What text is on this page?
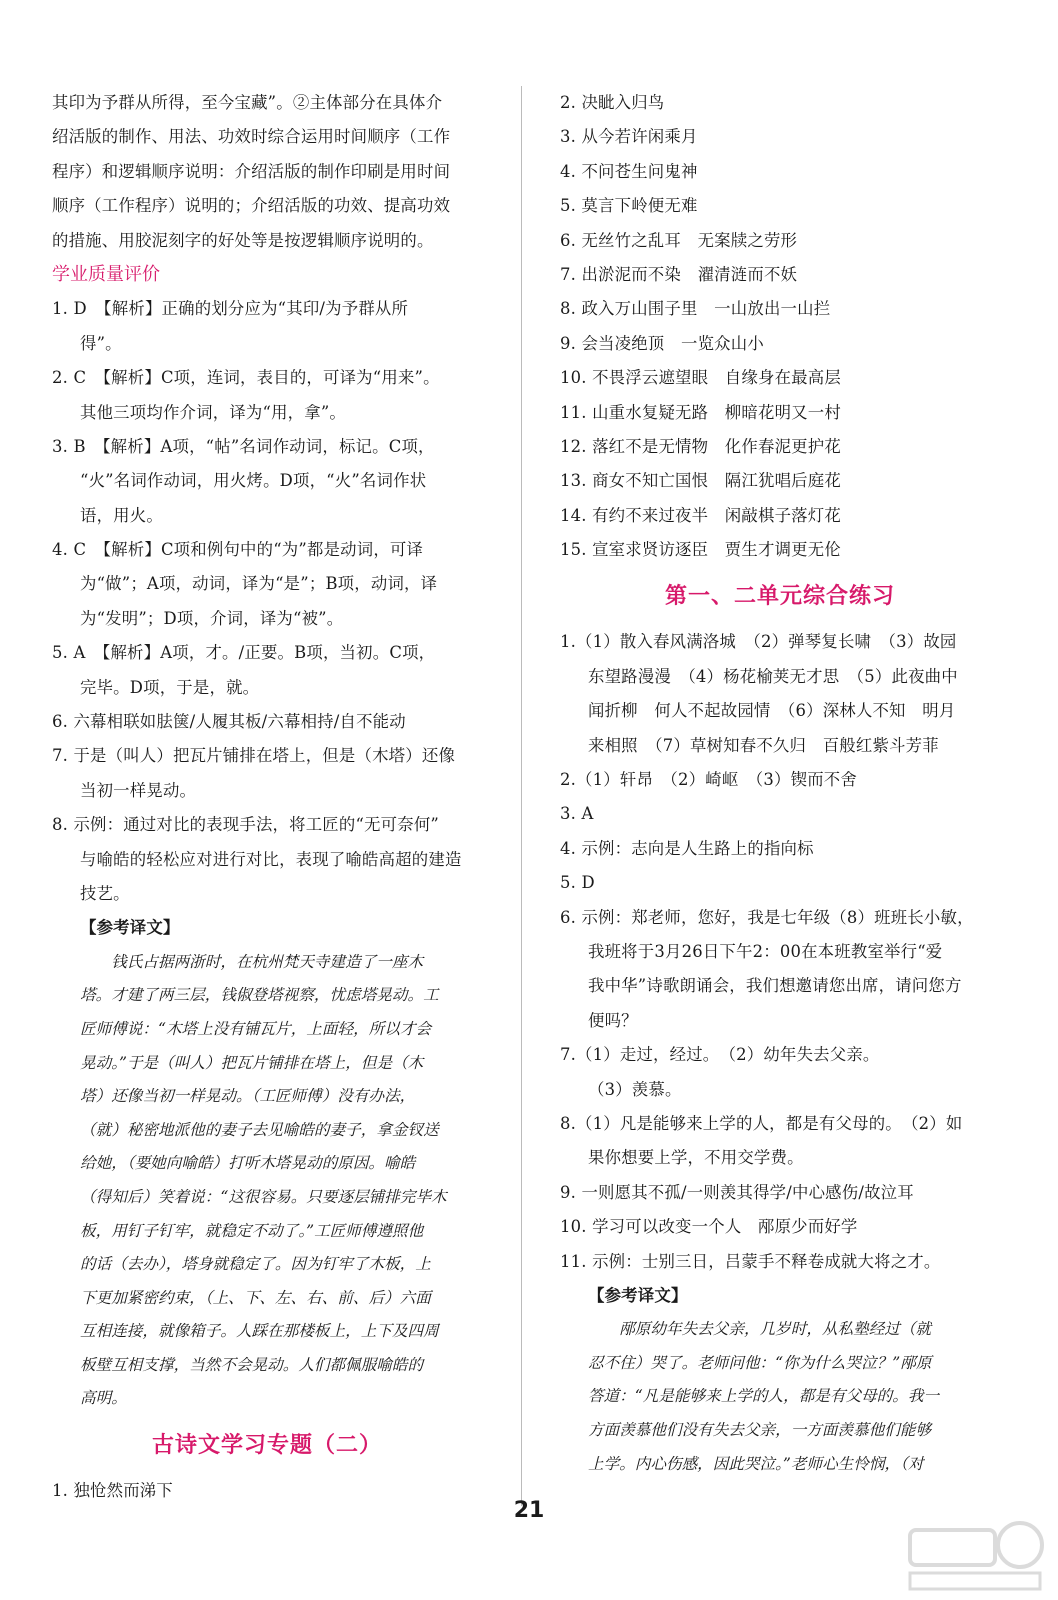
其印为予群从所得，至今宝藏”。②主体部分在具体介
绍活版的制作、用法、功效时综合运用时间顺序（工作
程序）和逻辑顺序说明：介绍活版的制作印刷是用时间
顺序（工作程序）说明的；介绍活版的功效、提高功效
的措施、用胶泥刻字的好处等是按逻辑顺序说明的。
学业质量评价
1. D　【解析】正确的划分应为“其印/为予群从所
得”。
2. C　【解析】C项，连词，表目的，可译为“用来”。
其他三项均作介词，译为“用，拿”。
3. B　【解析】A项，“帖”名词作动词，标记。C项，
“火”名词作动词，用火烤。D项，“火”名词作状
语，用火。
4. C　【解析】C项和例句中的“为”都是动词，可译
为“做”；A项，动词，译为“是”；B项，动词，译
为“发明”；D项，介词，译为“被”。
5. A　【解析】A项，才。/正要。B项，当初。C项，
完毕。D项，于是，就。
6. 六幕相联如胠箧/人履其板/六幕相持/自不能动
7. 于是（叫人）把瓦片铺排在塔上，但是（木塔）还像
当初一样晃动。
8. 示例：通过对比的表现手法，将工匠的“无可奈何”
与喻皓的轻松应对进行对比，表现了喻皓高超的建造
技艺。
【参考译文】
　　钱氏占据两浙时，在杭州梵天寺建造了一座木
塔。才建了两三层，钱俶登塔视察，忧虑塔晃动。工
匠师傅说：“木塔上没有铺瓦片，上面轻，所以才会
晃动。”于是（叫人）把瓦片铺排在塔上，但是（木
塔）还像当初一样晃动。（工匠师傅）没有办法，
（就）秘密地派他的妻子去见喻皓的妻子，拿金钗送
给她，（要她向喻皓）打听木塔晃动的原因。喻皓
（得知后）笑着说：“这很容易。只要逐层铺排完毕木
板，用钉子钉牢，就稳定不动了。”工匠师傅遵照他
的话（去办），塔身就稳定了。因为钉牢了木板，上
下更加紧密约束，（上、下、左、右、前、后）六面
互相连接，就像箱子。人踩在那楼板上，上下及四周
板壁互相支撑，当然不会晃动。人们都佩服喻皓的
高明。
古诗文学习专题（二）
1. 独怆然而涕下
2. 决眦入归鸟
3. 从今若许闲乘月
4. 不问苍生问鬼神
5. 莫言下岭便无难
6. 无丝竹之乱耳　无案牍之劳形
7. 出淤泥而不染　濯清涟而不妖
8. 政入万山围子里　一山放出一山拦
9. 会当凌绝顶　一览众山小
10. 不畏浮云遮望眼　自缘身在最高层
11. 山重水复疑无路　柳暗花明又一村
12. 落红不是无情物　化作春泥更护花
13. 商女不知亡国恨　隔江犹唱后庭花
14. 有约不来过夜半　闲敲棋子落灯花
15. 宣室求贤访逐臣　贾生才调更无伦
第一、二单元综合练习
1.（1）散入春风满洛城　（2）弹琴复长啸　（3）故园
东望路漫漫　（4）杨花榆荚无才思　（5）此夜曲中
闻折柳　何人不起故园情　（6）深林人不知　明月
来相照　（7）草树知春不久归　百般红紫斗芳菲
2.（1）轩昂　（2）崎岖　（3）锲而不舍
3. A
4. 示例：志向是人生路上的指向标
5. D
6. 示例：郑老师，您好，我是七年级（8）班班长小敏，
我班将于3月26日下午2：00在本班教室举行“爱
我中华”诗歌朗诵会，我们想邀请您出席，请问您方
便吗？
7.（1）走过，经过。　（2）幼年失去父亲。
（3）羡慕。
8.（1）凡是能够来上学的人，都是有父母的。　（2）如
果你想要上学，不用交学费。
9. 一则愿其不孤/一则羡其得学/中心感伤/故泣耳
10. 学习可以改变一个人　邴原少而好学
11. 示例：士别三日，吕蒙手不释卷成就大将之才。
【参考译文】
　　邴原幼年失去父亲，几岁时，从私塾经过（就
忍不住）哭了。老师问他：“你为什么哭泣？”邴原
答道：“凡是能够来上学的人，都是有父母的。我一
方面羡慕他们没有失去父亲，一方面羡慕他们能够
上学。内心伤感，因此哭泣。”老师心生怜悯，（对
21
